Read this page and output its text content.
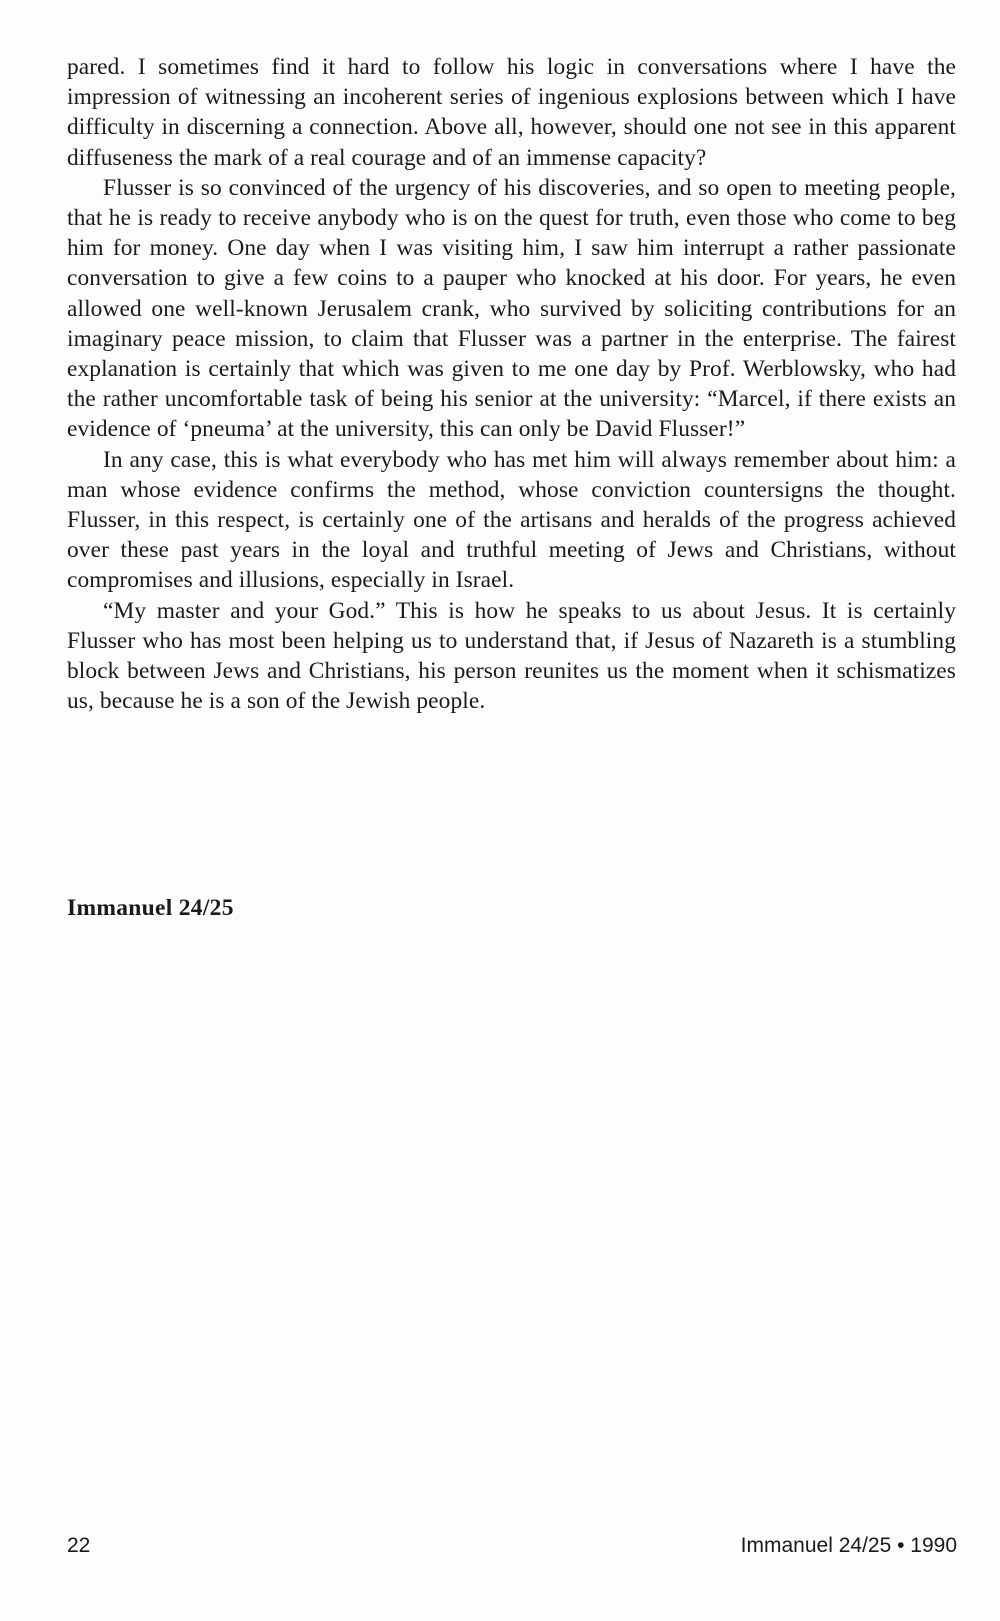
pared. I sometimes find it hard to follow his logic in conversations where I have the impression of witnessing an incoherent series of ingenious explosions between which I have difficulty in discerning a connection. Above all, however, should one not see in this apparent diffuseness the mark of a real courage and of an immense capacity?

Flusser is so convinced of the urgency of his discoveries, and so open to meeting people, that he is ready to receive anybody who is on the quest for truth, even those who come to beg him for money. One day when I was visiting him, I saw him interrupt a rather passionate conversation to give a few coins to a pauper who knocked at his door. For years, he even allowed one well-known Jerusalem crank, who survived by soliciting contributions for an imaginary peace mission, to claim that Flusser was a partner in the enterprise. The fairest explanation is certainly that which was given to me one day by Prof. Werblowsky, who had the rather uncomfortable task of being his senior at the university: “Marcel, if there exists an evidence of ‘pneuma’ at the university, this can only be David Flusser!”

In any case, this is what everybody who has met him will always remember about him: a man whose evidence confirms the method, whose conviction countersigns the thought. Flusser, in this respect, is certainly one of the artisans and heralds of the progress achieved over these past years in the loyal and truthful meeting of Jews and Christians, without compromises and illusions, especially in Israel.

“My master and your God.” This is how he speaks to us about Jesus. It is certainly Flusser who has most been helping us to understand that, if Jesus of Nazareth is a stumbling block between Jews and Christians, his person reunites us the moment when it schismatizes us, because he is a son of the Jewish people.

Immanuel 24/25
22	Immanuel 24/25 • 1990
